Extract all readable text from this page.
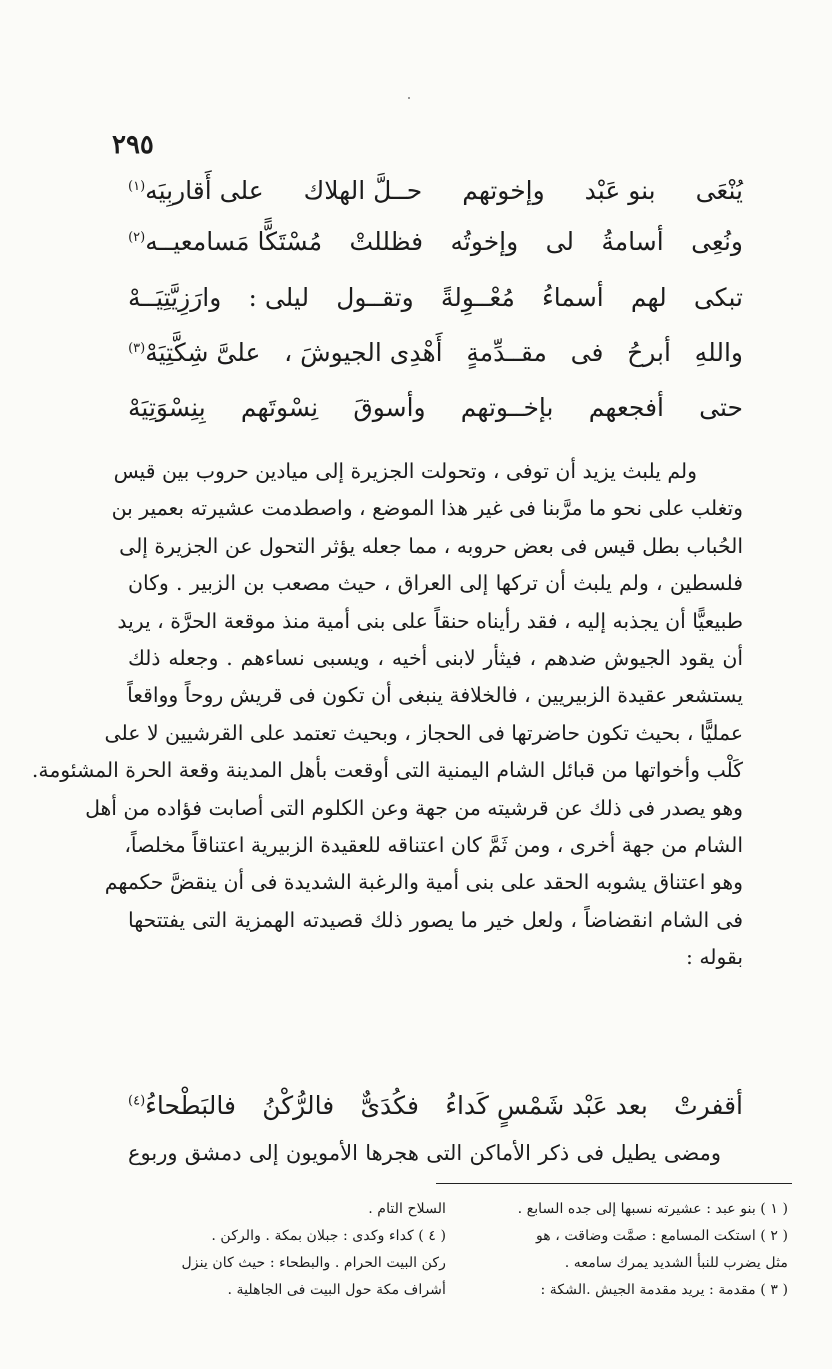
٢٩٥
يُنْعَى
بنو عَبْد
وإخوتهم
حــلَّ الهلاك
على أَقاربِيَه(١)
ونُعِى
أسامةُ
لى
وإخوتُه
فظللتْ
مُسْتَكًّا مَسامعيــه(٢)
تبكى
لهم
أسماءُ
مُعْــوِلةً
وتقــول
ليلى :
وارَزِيَّتِيَــهْ
واللهِ
أبرحُ
فى
مقــدِّمةٍ
أَهْدِى الجيوشَ ،
علىَّ شِكَّتِيَهْ(٣)
حتى
أفجعهم
بإخــوتهم
وأسوقَ
نِسْوتَهم
بِنِسْوَتِيَهْ
ولم يلبث يزيد أن توفى ، وتحولت الجزيرة إلى ميادين حروب بين قيس
وتغلب على نحو ما مرَّبنا فى غير هذا الموضع ، واصطدمت عشيرته بعمير بن
الحُباب بطل قيس فى بعض حروبه ، مما جعله يؤثر التحول عن الجزيرة إلى
فلسطين ، ولم يلبث أن تركها إلى العراق ، حيث مصعب بن الزبير . وكان
طبيعيًّا أن يجذبه إليه ، فقد رأيناه حنقاً على بنى أمية منذ موقعة الحرَّة ، يريد
أن يقود الجيوش ضدهم ، فيثأر لابنى أخيه ، ويسبى نساءهم . وجعله ذلك
يستشعر عقيدة الزبيريين ، فالخلافة ينبغى أن تكون فى قريش روحاً وواقعاً
عمليًّا ، بحيث تكون حاضرتها فى الحجاز ، وبحيث تعتمد على القرشيين لا على
كَلْب وأخواتها من قبائل الشام اليمنية التى أوقعت بأهل المدينة وقعة الحرة المشئومة.
وهو يصدر فى ذلك عن قرشيته من جهة وعن الكلوم التى أصابت فؤاده من أهل
الشام من جهة أخرى ، ومن ثَمَّ كان اعتناقه للعقيدة الزبيرية اعتناقاً مخلصاً،
وهو اعتناق يشوبه الحقد على بنى أمية والرغبة الشديدة فى أن ينقضَّ حكمهم
فى الشام انقضاضاً ، ولعل خير ما يصور ذلك قصيدته الهمزية التى يفتتحها
بقوله :
أقفرتْ
بعد عَبْد شَمْسٍ كَداءُ
فكُدَىٌّ
فالرُّكْنُ
فالبَطْحاءُ$^{(٤)}$
ومضى يطيل فى ذكر الأماكن التى هجرها الأمويون إلى دمشق وربوع
( ١ ) بنو عبد : عشيرته نسبها إلى جده السابع .
( ٢ ) استكت المسامع : صمَّت وضاقت ، هو
مثل يضرب للنبأ الشديد يمرك سامعه .
( ٣ ) مقدمة : يريد مقدمة الجيش .الشكة :
السلاح التام .
( ٤ ) كداء وكدى : جبلان بمكة . والركن .
ركن البيت الحرام . والبطحاء : حيث كان ينزل
أشراف مكة حول البيت فى الجاهلية .
